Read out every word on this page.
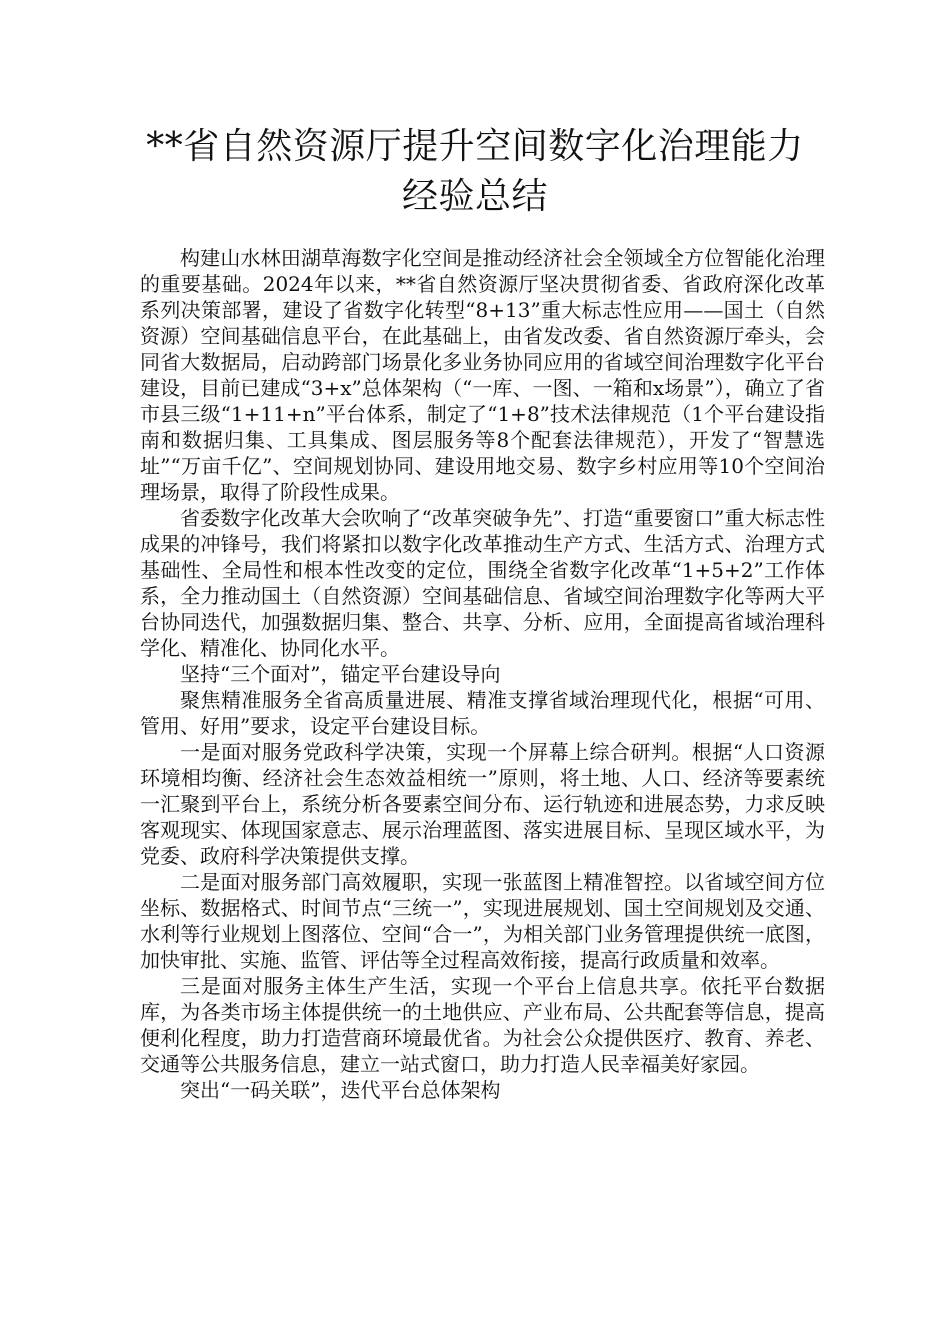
**省自然资源厅提升空间数字化治理能力
经验总结

构建山水林田湖草海数字化空间是推动经济社会全领域全方位智能化治理的重要基础。2024年以来，**省自然资源厅坚决贯彻省委、省政府深化改革系列决策部署，建设了省数字化转型“8+13”重大标志性应用——国土（自然资源）空间基础信息平台，在此基础上，由省发改委、省自然资源厅牵头，会同省大数据局，启动跨部门场景化多业务协同应用的省域空间治理数字化平台建设，目前已建成“3+x”总体架构（“一库、一图、一箱和x场景”），确立了省市县三级“1+11+n”平台体系，制定了“1+8”技术法律规范（1个平台建设指南和数据归集、工具集成、图层服务等8个配套法律规范），开发了“智慧选址”“万亩千亿”、空间规划协同、建设用地交易、数字乡村应用等10个空间治理场景，取得了阶段性成果。

省委数字化改革大会吹响了“改革突破争先”、打造“重要窗口”重大标志性成果的冲锋号，我们将紧扣以数字化改革推动生产方式、生活方式、治理方式基础性、全局性和根本性改变的定位，围绕全省数字化改革“1+5+2”工作体系，全力推动国土（自然资源）空间基础信息、省域空间治理数字化等两大平台协同迭代，加强数据归集、整合、共享、分析、应用，全面提高省域治理科学化、精准化、协同化水平。

坚持“三个面对”，锚定平台建设导向

聚焦精准服务全省高质量进展、精准支撑省域治理现代化，根据“可用、管用、好用”要求，设定平台建设目标。

一是面对服务党政科学决策，实现一个屏幕上综合研判。根据“人口资源环境相均衡、经济社会生态效益相统一”原则，将土地、人口、经济等要素统一汇聚到平台上，系统分析各要素空间分布、运行轨迹和进展态势，力求反映客观现实、体现国家意志、展示治理蓝图、落实进展目标、呈现区域水平，为党委、政府科学决策提供支撑。

二是面对服务部门高效履职，实现一张蓝图上精准智控。以省域空间方位坐标、数据格式、时间节点“三统一”，实现进展规划、国土空间规划及交通、水利等行业规划上图落位、空间“合一”，为相关部门业务管理提供统一底图，加快审批、实施、监管、评估等全过程高效衔接，提高行政质量和效率。

三是面对服务主体生产生活，实现一个平台上信息共享。依托平台数据库，为各类市场主体提供统一的土地供应、产业布局、公共配套等信息，提高便利化程度，助力打造营商环境最优省。为社会公众提供医疗、教育、养老、交通等公共服务信息，建立一站式窗口，助力打造人民幸福美好家园。

突出“一码关联”，迭代平台总体架构
